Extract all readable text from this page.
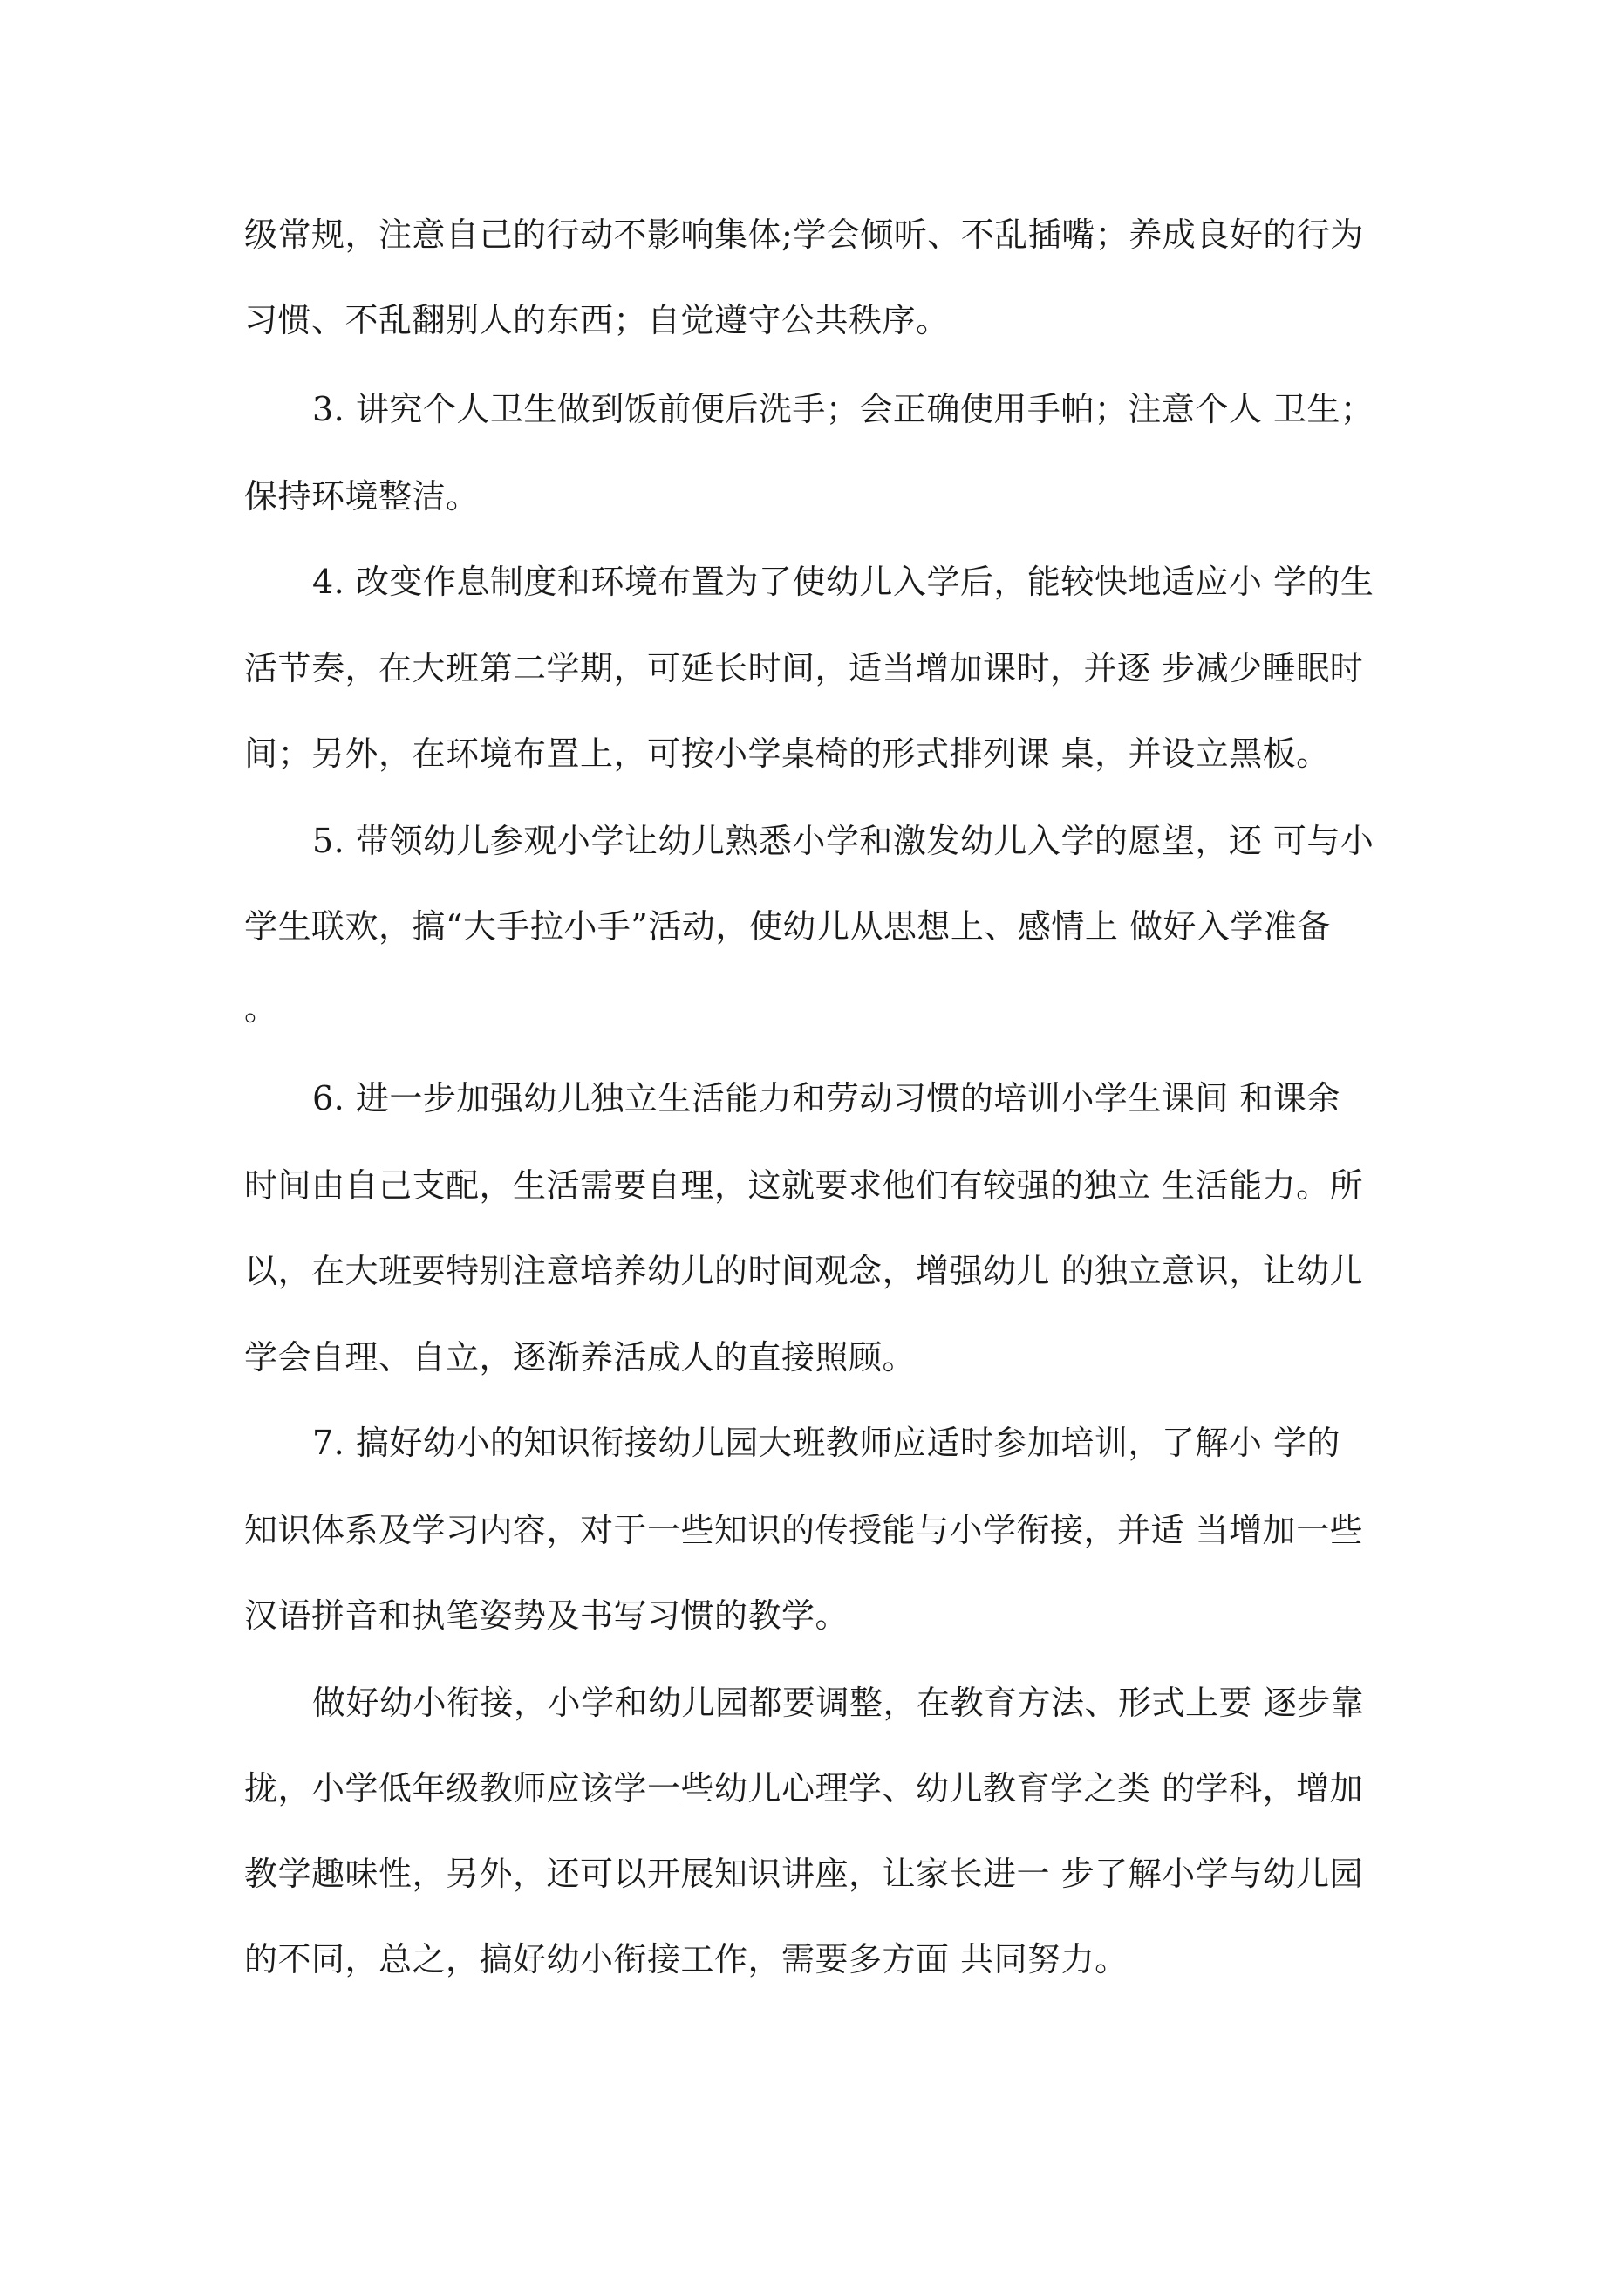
级常规，注意自己的行动不影响集体;学会倾听、不乱插嘴；养成良好的行为
习惯、不乱翻别人的东西；自觉遵守公共秩序。
3. 讲究个人卫生做到饭前便后洗手；会正确使用手帕；注意个人 卫生；
保持环境整洁。
4. 改变作息制度和环境布置为了使幼儿入学后，能较快地适应小 学的生
活节奏，在大班第二学期，可延长时间，适当增加课时，并逐 步减少睡眠时
间；另外，在环境布置上，可按小学桌椅的形式排列课 桌，并设立黑板。
5. 带领幼儿参观小学让幼儿熟悉小学和激发幼儿入学的愿望，还 可与小
学生联欢，搞“大手拉小手”活动，使幼儿从思想上、感情上 做好入学准备
。
6. 进一步加强幼儿独立生活能力和劳动习惯的培训小学生课间 和课余
时间由自己支配，生活需要自理，这就要求他们有较强的独立 生活能力。所
以，在大班要特别注意培养幼儿的时间观念，增强幼儿 的独立意识，让幼儿
学会自理、自立，逐渐养活成人的直接照顾。
7. 搞好幼小的知识衔接幼儿园大班教师应适时参加培训，了解小 学的
知识体系及学习内容，对于一些知识的传授能与小学衔接，并适 当增加一些
汉语拼音和执笔姿势及书写习惯的教学。
做好幼小衔接，小学和幼儿园都要调整，在教育方法、形式上要 逐步靠
拢，小学低年级教师应该学一些幼儿心理学、幼儿教育学之类 的学科，增加
教学趣味性，另外，还可以开展知识讲座，让家长进一 步了解小学与幼儿园
的不同，总之，搞好幼小衔接工作，需要多方面 共同努力。
